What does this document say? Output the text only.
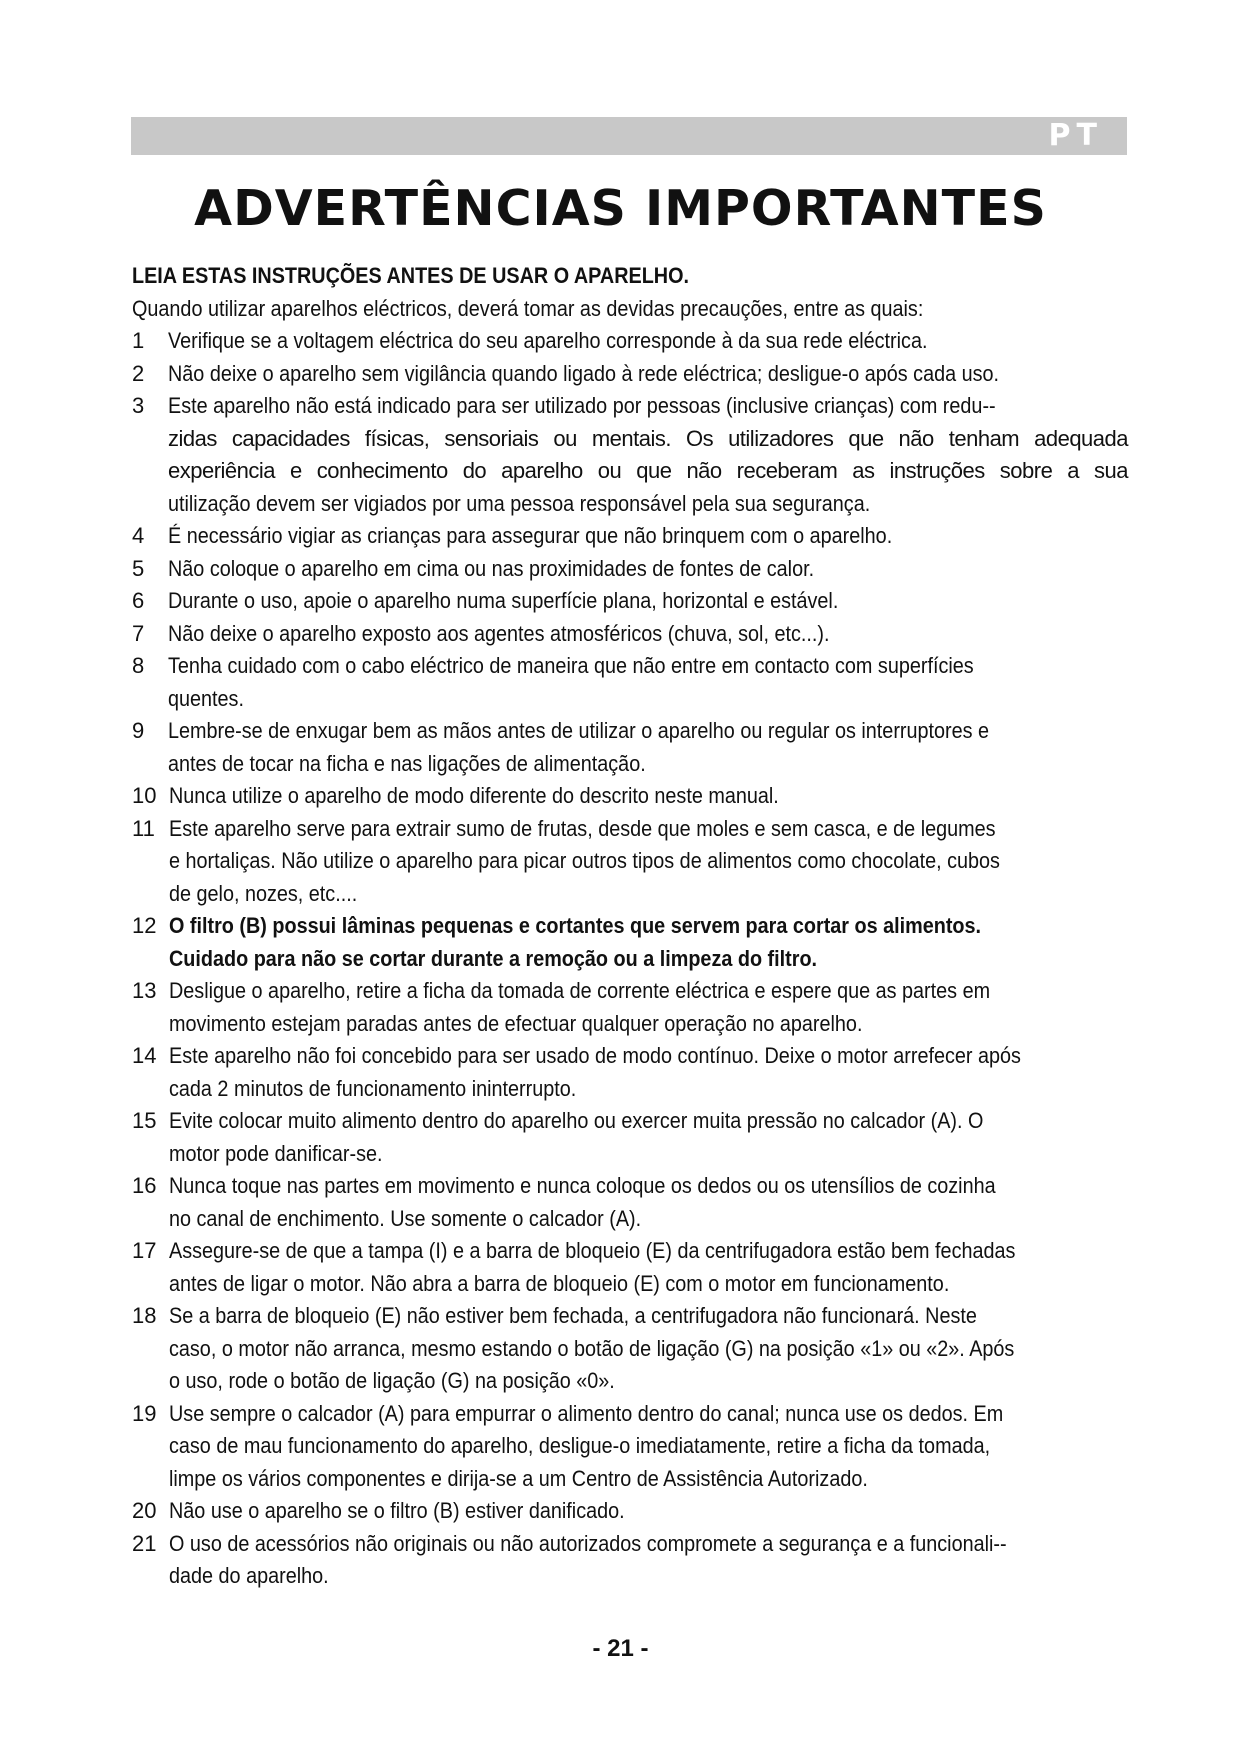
PT
ADVERTÊNCIAS IMPORTANTES
LEIA ESTAS INSTRUÇÕES ANTES DE USAR O APARELHO.
Quando utilizar aparelhos eléctricos, deverá tomar as devidas precauções, entre as quais:
1 Verifique se a voltagem eléctrica do seu aparelho corresponde à da sua rede eléctrica.
2 Não deixe o aparelho sem vigilância quando ligado à rede eléctrica; desligue-o após cada uso.
3 Este aparelho não está indicado para ser utilizado por pessoas (inclusive crianças) com redu--
zidas capacidades físicas, sensoriais ou mentais. Os utilizadores que não tenham adequada
experiência e conhecimento do aparelho ou que não receberam as instruções sobre a sua
utilização devem ser vigiados por uma pessoa responsável pela sua segurança.
4 É necessário vigiar as crianças para assegurar que não brinquem com o aparelho.
5 Não coloque o aparelho em cima ou nas proximidades de fontes de calor.
6 Durante o uso, apoie o aparelho numa superfície plana, horizontal e estável.
7 Não deixe o aparelho exposto aos agentes atmosféricos (chuva, sol, etc...).
8 Tenha cuidado com o cabo eléctrico de maneira que não entre em contacto com superfícies
quentes.
9 Lembre-se de enxugar bem as mãos antes de utilizar o aparelho ou regular os interruptores e
antes de tocar na ficha e nas ligações de alimentação.
10 Nunca utilize o aparelho de modo diferente do descrito neste manual.
11 Este aparelho serve para extrair sumo de frutas, desde que moles e sem casca, e de legumes
e hortaliças. Não utilize o aparelho para picar outros tipos de alimentos como chocolate, cubos
de gelo, nozes, etc....
12 O filtro (B) possui lâminas pequenas e cortantes que servem para cortar os alimentos.
Cuidado para não se cortar durante a remoção ou a limpeza do filtro.
13 Desligue o aparelho, retire a ficha da tomada de corrente eléctrica e espere que as partes em
movimento estejam paradas antes de efectuar qualquer operação no aparelho.
14 Este aparelho não foi concebido para ser usado de modo contínuo. Deixe o motor arrefecer após
cada 2 minutos de funcionamento ininterrupto.
15 Evite colocar muito alimento dentro do aparelho ou exercer muita pressão no calcador (A). O
motor pode danificar-se.
16 Nunca toque nas partes em movimento e nunca coloque os dedos ou os utensílios de cozinha
no canal de enchimento. Use somente o calcador (A).
17 Assegure-se de que a tampa (I) e a barra de bloqueio (E) da centrifugadora estão bem fechadas
antes de ligar o motor. Não abra a barra de bloqueio (E) com o motor em funcionamento.
18 Se a barra de bloqueio (E) não estiver bem fechada, a centrifugadora não funcionará. Neste
caso, o motor não arranca, mesmo estando o botão de ligação (G) na posição «1» ou «2». Após
o uso, rode o botão de ligação (G) na posição «0».
19 Use sempre o calcador (A) para empurrar o alimento dentro do canal; nunca use os dedos. Em
caso de mau funcionamento do aparelho, desligue-o imediatamente, retire a ficha da tomada,
limpe os vários componentes e dirija-se a um Centro de Assistência Autorizado.
20 Não use o aparelho se o filtro (B) estiver danificado.
21 O uso de acessórios não originais ou não autorizados compromete a segurança e a funcionali--
dade do aparelho.
- 21 -
